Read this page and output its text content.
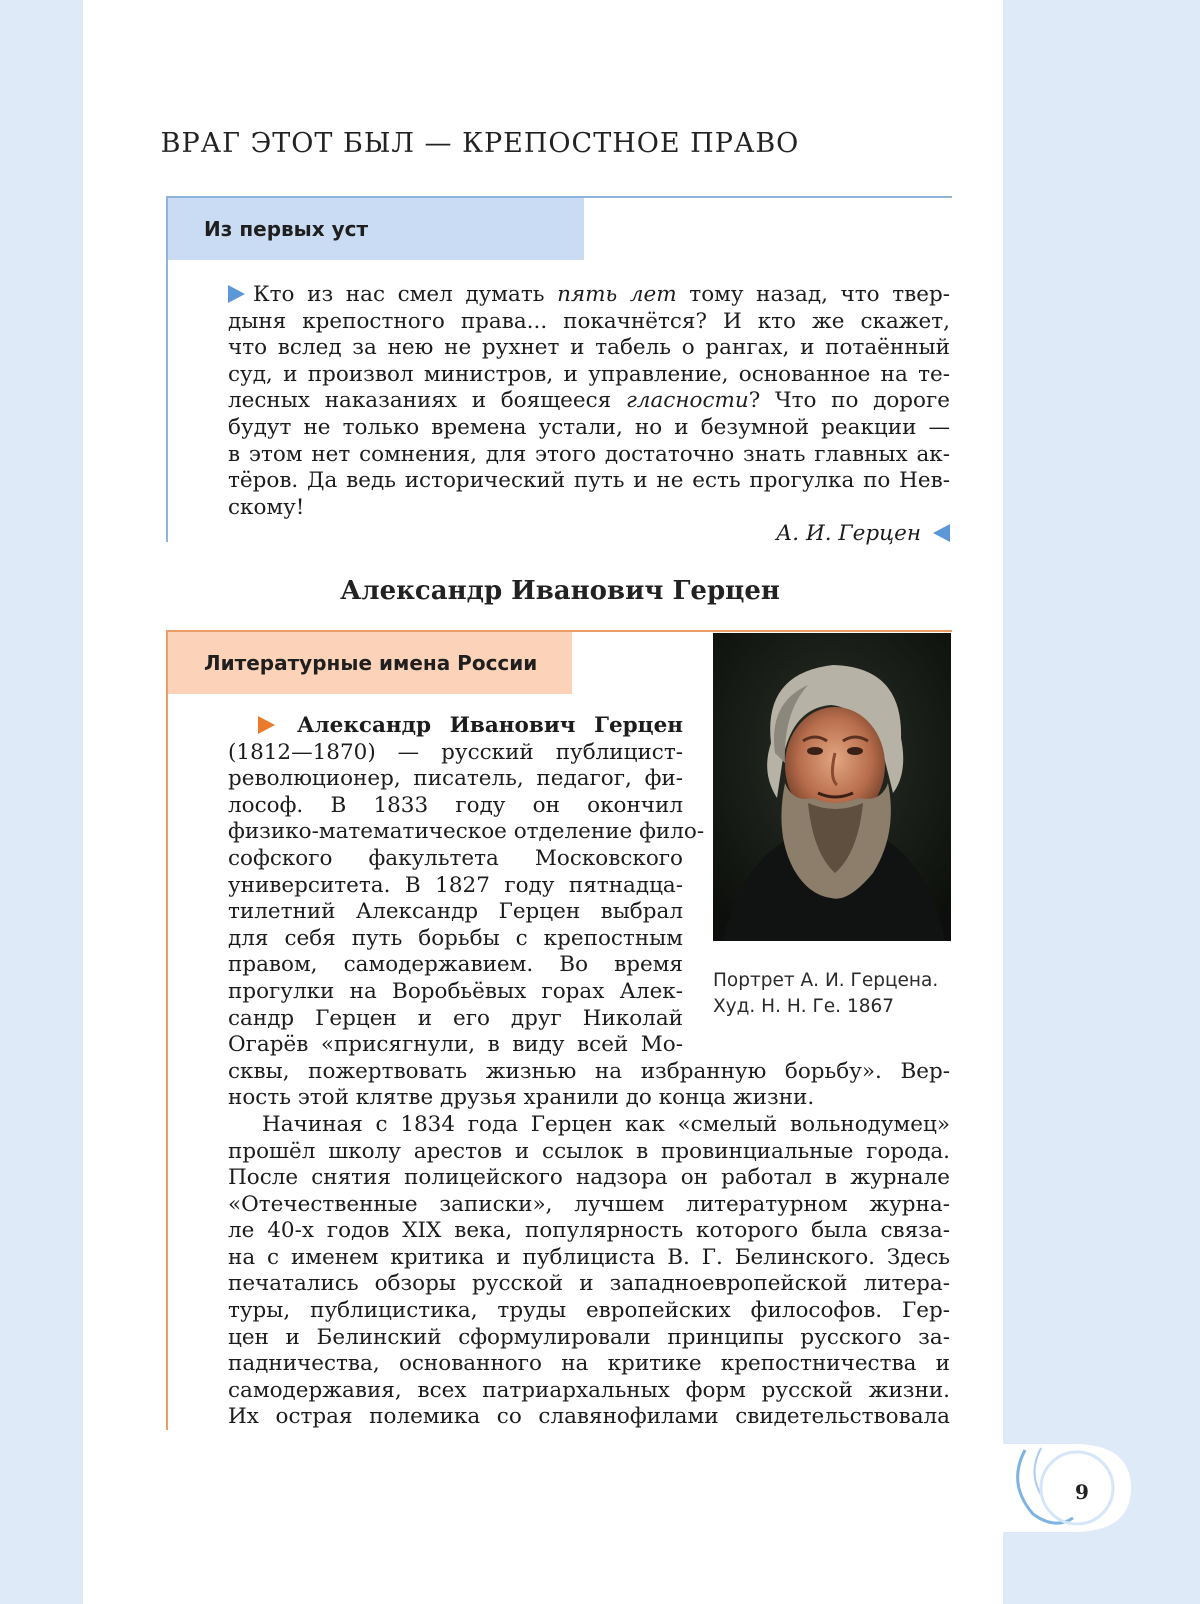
ВРАГ ЭТОТ БЫЛ — КРЕПОСТНОЕ ПРАВО
Из первых уст
Кто из нас смел думать пять лет тому назад, что твер-
дыня крепостного права... покачнётся? И кто же скажет,
что вслед за нею не рухнет и табель о рангах, и потаённый
суд, и произвол министров, и управление, основанное на те-
лесных наказаниях и боящееся гласности? Что по дороге
будут не только времена устали, но и безумной реакции —
в этом нет сомнения, для этого достаточно знать главных ак-
тёров. Да ведь исторический путь и не есть прогулка по Нев-
скому!
А. И. Герцен
Александр Иванович Герцен
Литературные имена России
Портрет А. И. Герцена.
Худ. Н. Н. Ге. 1867
Александр Иванович Герцен
(1812—1870) — русский публицист-
революционер, писатель, педагог, фи-
лософ. В 1833 году он окончил
физико-математическое отделение фило-
софского факультета Московского
университета. В 1827 году пятнадца-
тилетний Александр Герцен выбрал
для себя путь борьбы с крепостным
правом, самодержавием. Во время
прогулки на Воробьёвых горах Алек-
сандр Герцен и его друг Николай
Огарёв «присягнули, в виду всей Мо-
сквы, пожертвовать жизнью на избранную борьбу». Вер-
ность этой клятве друзья хранили до конца жизни.
Начиная с 1834 года Герцен как «смелый вольнодумец»
прошёл школу арестов и ссылок в провинциальные города.
После снятия полицейского надзора он работал в журнале
«Отечественные записки», лучшем литературном журна-
ле 40-х годов XIX века, популярность которого была связа-
на с именем критика и публициста В. Г. Белинского. Здесь
печатались обзоры русской и западноевропейской литера-
туры, публицистика, труды европейских философов. Гер-
цен и Белинский сформулировали принципы русского за-
падничества, основанного на критике крепостничества и
самодержавия, всех патриархальных форм русской жизни.
Их острая полемика со славянофилами свидетельствовала
9
